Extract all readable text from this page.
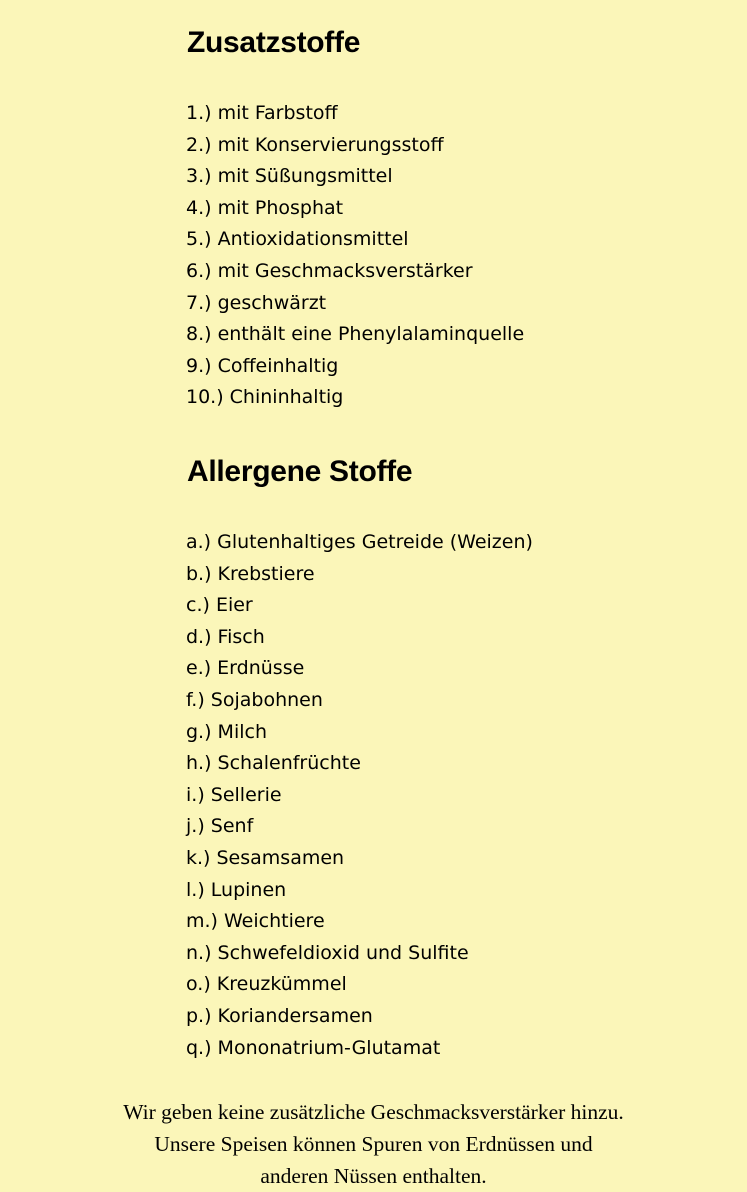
Zusatzstoffe
1.) mit Farbstoff
2.) mit Konservierungsstoff
3.) mit Süßungsmittel
4.) mit Phosphat
5.) Antioxidationsmittel
6.) mit Geschmacksverstärker
7.) geschwärzt
8.) enthält eine Phenylalaminquelle
9.) Coffeinhaltig
10.) Chininhaltig
Allergene Stoffe
a.) Glutenhaltiges Getreide (Weizen)
b.) Krebstiere
c.) Eier
d.) Fisch
e.) Erdnüsse
f.) Sojabohnen
g.) Milch
h.) Schalenfrüchte
i.) Sellerie
j.) Senf
k.) Sesamsamen
l.) Lupinen
m.) Weichtiere
n.) Schwefeldioxid und Sulfite
o.) Kreuzkümmel
p.) Koriandersamen
q.) Mononatrium-Glutamat
Wir geben keine zusätzliche Geschmacksverstärker hinzu.
Unsere Speisen können Spuren von Erdnüssen und
anderen Nüssen enthalten.
